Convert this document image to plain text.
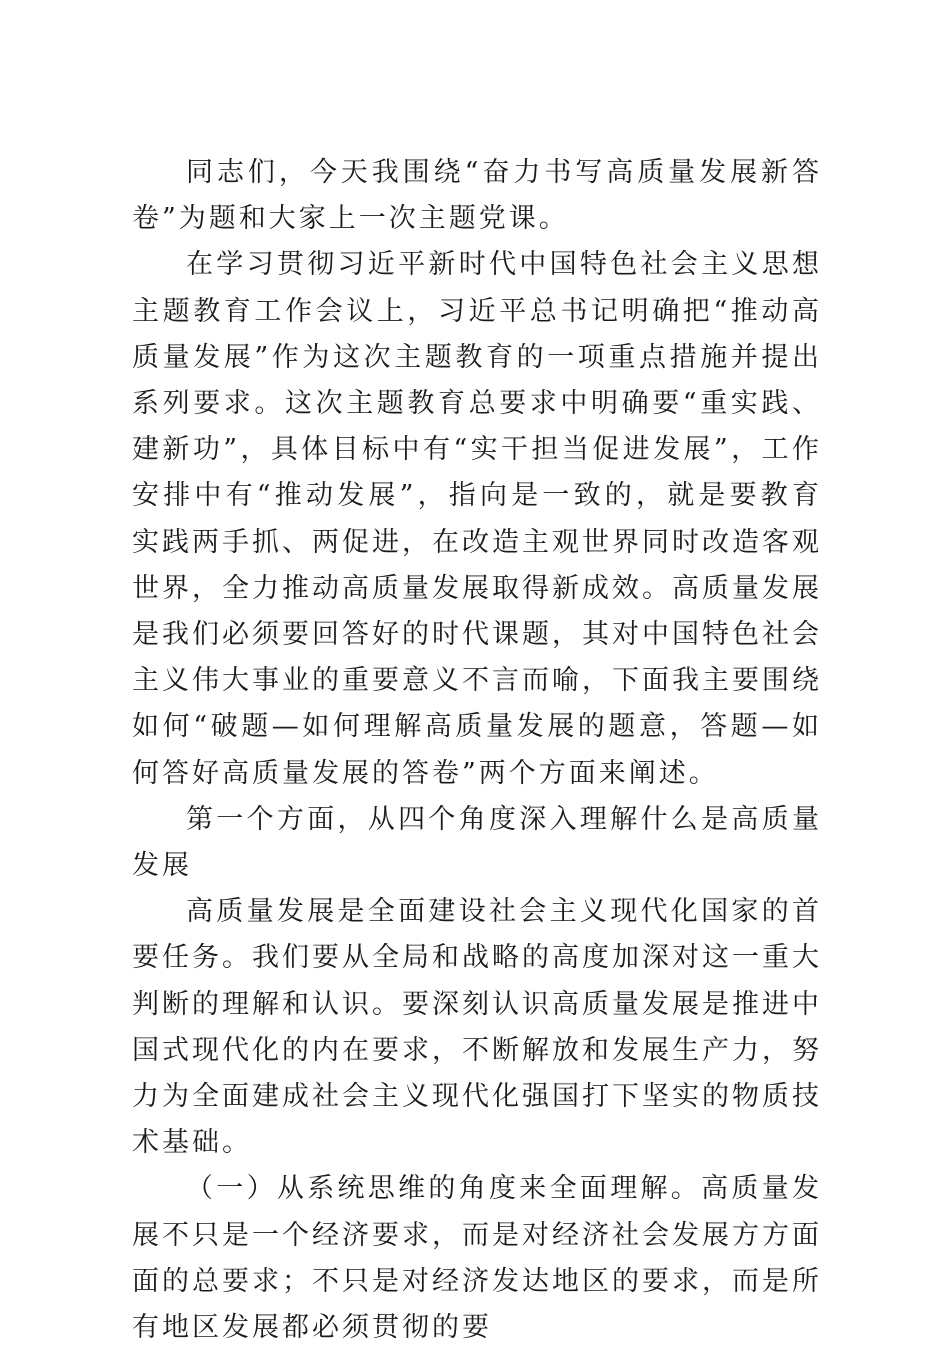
同志们，今天我围绕“奋力书写高质量发展新答卷”为题和大家上一次主题党课。

在学习贯彻习近平新时代中国特色社会主义思想主题教育工作会议上，习近平总书记明确把“推动高质量发展”作为这次主题教育的一项重点措施并提出系列要求。这次主题教育总要求中明确要“重实践、建新功”，具体目标中有“实干担当促进发展”，工作安排中有“推动发展”，指向是一致的，就是要教育实践两手抓、两促进，在改造主观世界同时改造客观世界，全力推动高质量发展取得新成效。高质量发展是我们必须要回答好的时代课题，其对中国特色社会主义伟大事业的重要意义不言而喻，下面我主要围绕如何“破题—如何理解高质量发展的题意，答题—如何答好高质量发展的答卷”两个方面来阐述。

第一个方面，从四个角度深入理解什么是高质量发展

高质量发展是全面建设社会主义现代化国家的首要任务。我们要从全局和战略的高度加深对这一重大判断的理解和认识。要深刻认识高质量发展是推进中国式现代化的内在要求，不断解放和发展生产力，努力为全面建成社会主义现代化强国打下坚实的物质技术基础。

（一）从系统思维的角度来全面理解。高质量发展不只是一个经济要求，而是对经济社会发展方方面面的总要求；不只是对经济发达地区的要求，而是所有地区发展都必须贯彻的要
